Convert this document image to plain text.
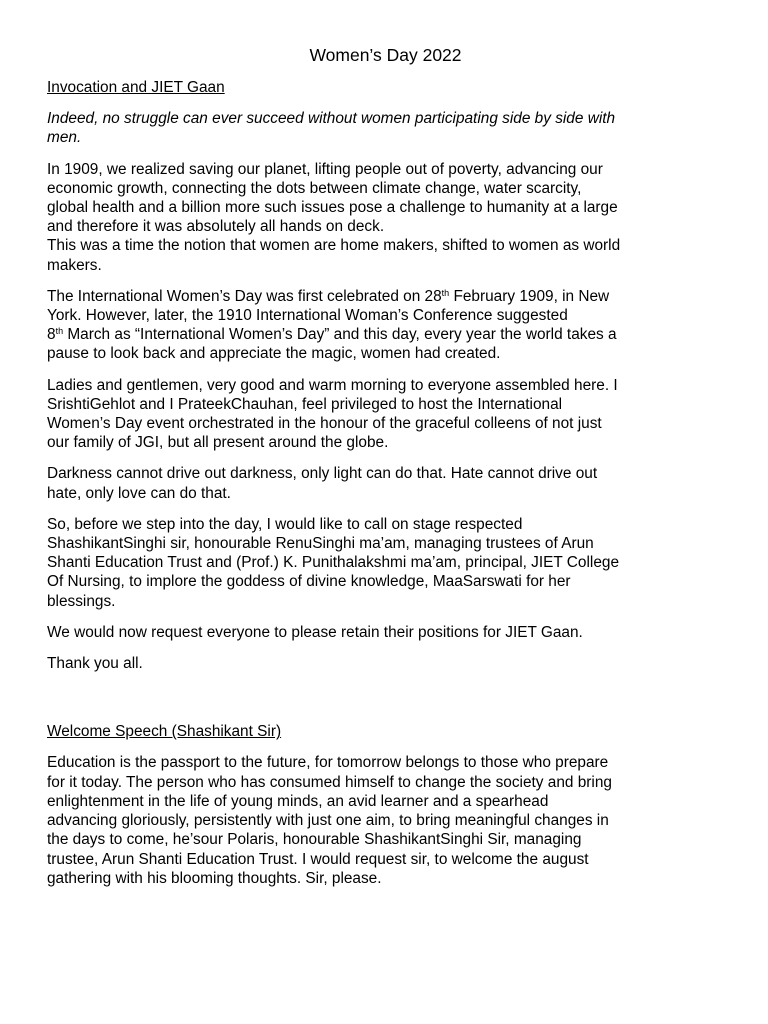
Women’s Day 2022
Invocation and JIET Gaan
Indeed, no struggle can ever succeed without women participating side by side with
men.
In 1909, we realized saving our planet, lifting people out of poverty, advancing our
economic growth, connecting the dots between climate change, water scarcity,
global health and a billion more such issues pose a challenge to humanity at a large
and therefore it was absolutely all hands on deck.
This was a time the notion that women are home makers, shifted to women as world
makers.
The International Women’s Day was first celebrated on 28th February 1909, in New
York. However, later, the 1910 International Woman’s Conference suggested
8th March as “International Women’s Day” and this day, every year the world takes a
pause to look back and appreciate the magic, women had created.
Ladies and gentlemen, very good and warm morning to everyone assembled here. I
SrishtiGehlot and I PrateekChauhan, feel privileged to host the International
Women’s Day event orchestrated in the honour of the graceful colleens of not just
our family of JGI, but all present around the globe.
Darkness cannot drive out darkness, only light can do that. Hate cannot drive out
hate, only love can do that.
So, before we step into the day, I would like to call on stage respected
ShashikantSinghi sir, honourable RenuSinghi ma’am, managing trustees of Arun
Shanti Education Trust and (Prof.) K. Punithalakshmi ma’am, principal, JIET College
Of Nursing, to implore the goddess of divine knowledge, MaaSarswati for her
blessings.
We would now request everyone to please retain their positions for JIET Gaan.
Thank you all.
Welcome Speech (Shashikant Sir)
Education is the passport to the future, for tomorrow belongs to those who prepare
for it today. The person who has consumed himself to change the society and bring
enlightenment in the life of young minds, an avid learner and a spearhead
advancing gloriously, persistently with just one aim, to bring meaningful changes in
the days to come, he’sour Polaris, honourable ShashikantSinghi Sir, managing
trustee, Arun Shanti Education Trust. I would request sir, to welcome the august
gathering with his blooming thoughts. Sir, please.
